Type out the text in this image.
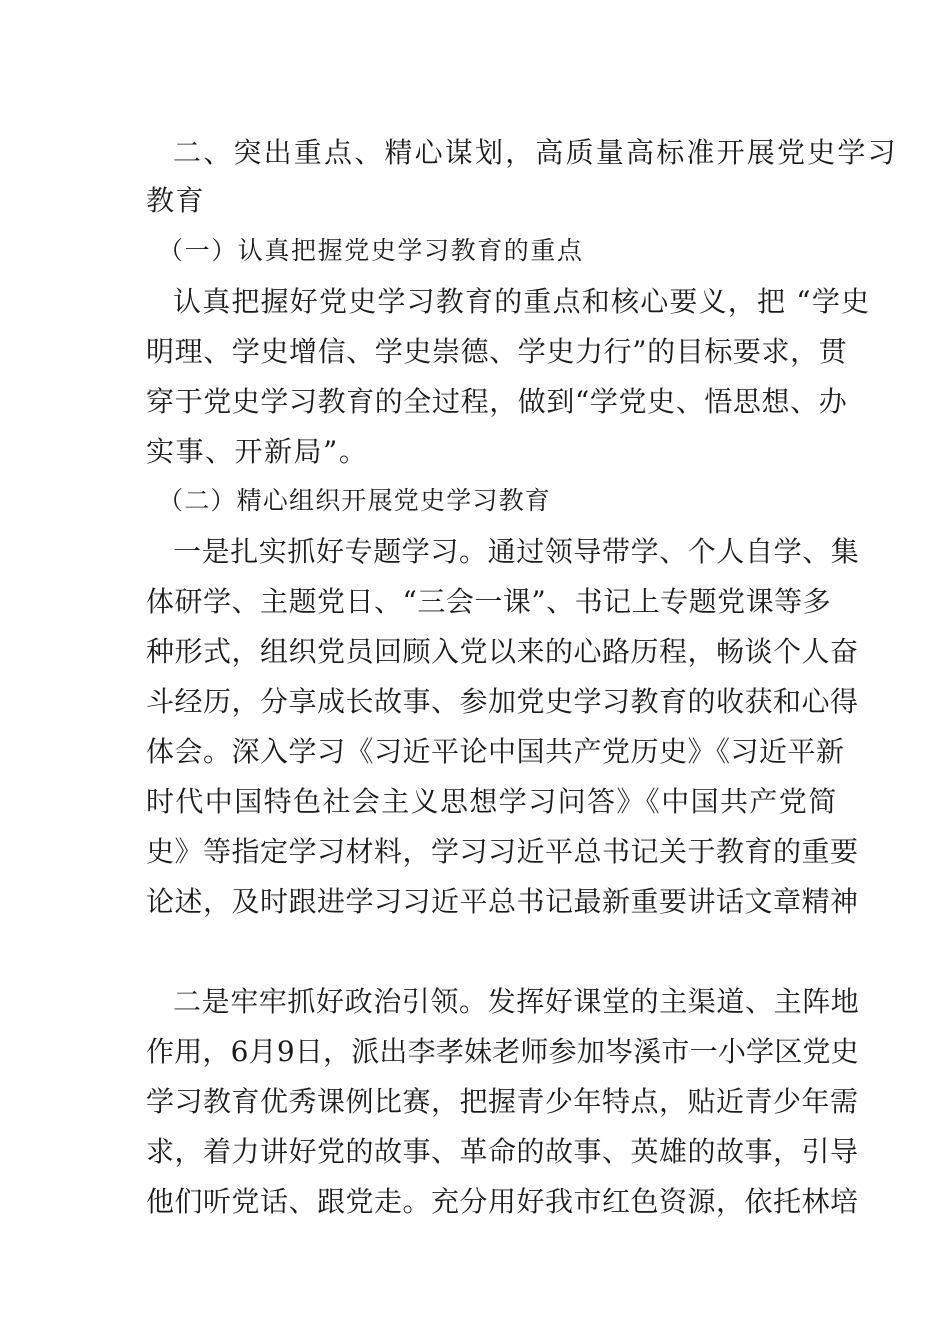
二、突出重点、精心谋划，高质量高标准开展党史学习
教育
（一）认真把握党史学习教育的重点
认真把握好党史学习教育的重点和核心要义，把 “学史
明理、学史增信、学史崇德、学史力行”的目标要求，贯
穿于党史学习教育的全过程，做到“学党史、悟思想、办
实事、开新局”。
（二）精心组织开展党史学习教育
一是扎实抓好专题学习。通过领导带学、个人自学、集
体研学、主题党日、“三会一课”、书记上专题党课等多
种形式，组织党员回顾入党以来的心路历程，畅谈个人奋
斗经历，分享成长故事、参加党史学习教育的收获和心得
体会。深入学习《习近平论中国共产党历史》《习近平新
时代中国特色社会主义思想学习问答》《中国共产党简
史》等指定学习材料，学习习近平总书记关于教育的重要
论述，及时跟进学习习近平总书记最新重要讲话文章精神
二是牢牢抓好政治引领。发挥好课堂的主渠道、主阵地
作用，6月9日，派出李孝妹老师参加岑溪市一小学区党史
学习教育优秀课例比赛，把握青少年特点，贴近青少年需
求，着力讲好党的故事、革命的故事、英雄的故事，引导
他们听党话、跟党走。充分用好我市红色资源，依托林培
